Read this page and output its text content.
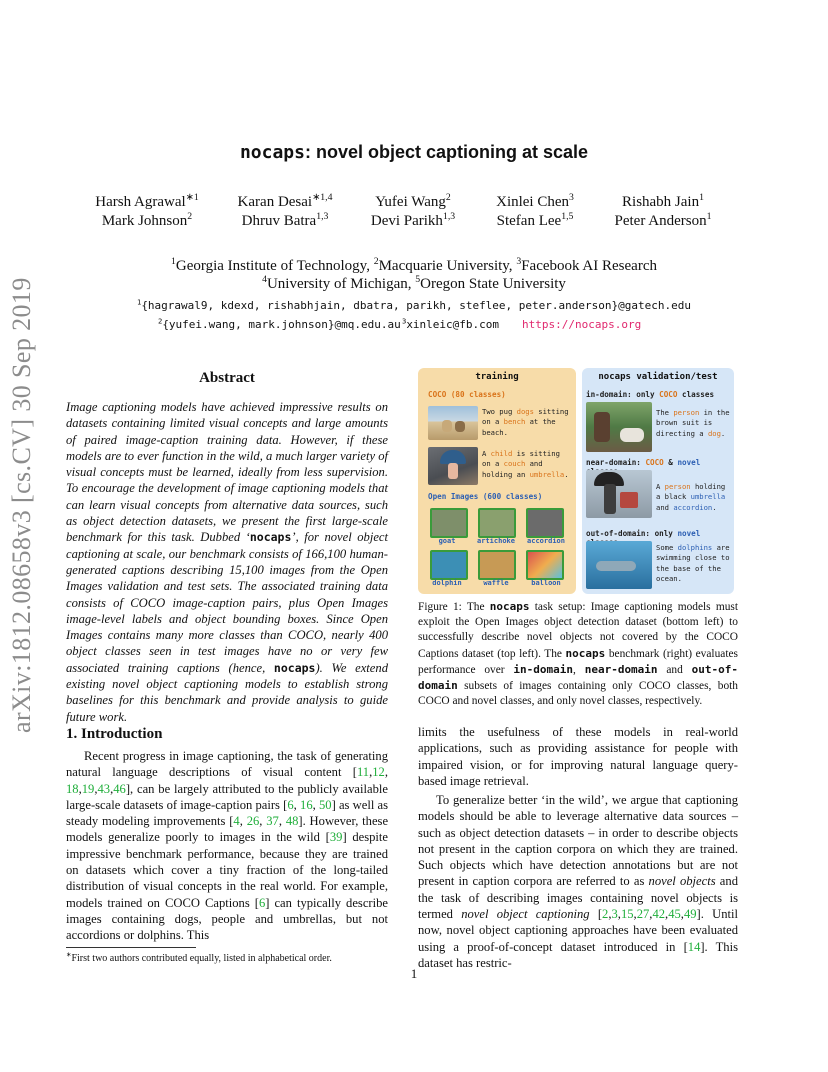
arXiv:1812.08658v3 [cs.CV] 30 Sep 2019
nocaps: novel object captioning at scale
Harsh Agrawal$^{∗1}$	Karan Desai$^{∗1,4}$	Yufei Wang$^2$	Xinlei Chen$^3$	Rishabh Jain$^1$
Mark Johnson$^2$	Dhruv Batra$^{1,3}$	Devi Parikh$^{1,3}$	Stefan Lee$^{1,5}$	Peter Anderson$^1$
$^1$Georgia Institute of Technology, $^2$Macquarie University, $^3$Facebook AI Research
$^4$University of Michigan, $^5$Oregon State University
$^1${hagrawal9, kdexd, rishabhjain, dbatra, parikh, steflee, peter.anderson}@gatech.edu
$^2${yufei.wang, mark.johnson}@mq.edu.au $^3$xinleic@fb.com https://nocaps.org
Abstract
Image captioning models have achieved impressive results on datasets containing limited visual concepts and large amounts of paired image-caption training data. However, if these models are to ever function in the wild, a much larger variety of visual concepts must be learned, ideally from less supervision. To encourage the development of image captioning models that can learn visual concepts from alternative data sources, such as object detection datasets, we present the first large-scale benchmark for this task. Dubbed ‘nocaps’, for novel object captioning at scale, our benchmark consists of 166,100 human-generated captions describing 15,100 images from the Open Images validation and test sets. The associated training data consists of COCO image-caption pairs, plus Open Images image-level labels and object bounding boxes. Since Open Images contains many more classes than COCO, nearly 400 object classes seen in test images have no or very few associated training captions (hence, nocaps). We extend existing novel object captioning models to establish strong baselines for this benchmark and provide analysis to guide future work.
1. Introduction
Recent progress in image captioning, the task of generating natural language descriptions of visual content [11,12, 18,19,43,46], can be largely attributed to the publicly available large-scale datasets of image-caption pairs [6, 16, 50] as well as steady modeling improvements [4, 26, 37, 48]. However, these models generalize poorly to images in the wild [39] despite impressive benchmark performance, because they are trained on datasets which cover a tiny fraction of the long-tailed distribution of visual concepts in the real world. For example, models trained on COCO Captions [6] can typically describe images containing dogs, people and umbrellas, but not accordions or dolphins. This
training
COCO (80 classes)
Two pug dogs sitting on a bench at the beach.
A child is sitting on a couch and holding an umbrella.
Open Images (600 classes)
goat	artichoke	accordion
dolphin	waffle	balloon
nocaps validation/test
in-domain: only COCO classes
The person in the brown suit is directing a dog.
near-domain: COCO & novel
A person holding a black umbrella and accordion.
out-of-domain: only novel
Some dolphins are swimming close to the base of the ocean.
Figure 1: The nocaps task setup: Image captioning models must exploit the Open Images object detection dataset (bottom left) to successfully describe novel objects not covered by the COCO Captions dataset (top left). The nocaps benchmark (right) evaluates performance over in-domain, near-domain and out-of-domain subsets of images containing only COCO classes, both COCO and novel classes, and only novel classes, respectively.
limits the usefulness of these models in real-world applications, such as providing assistance for people with impaired vision, or for improving natural language query-based image retrieval.
To generalize better ‘in the wild’, we argue that captioning models should be able to leverage alternative data sources – such as object detection datasets – in order to describe objects not present in the caption corpora on which they are trained. Such objects which have detection annotations but are not present in caption corpora are referred to as novel objects and the task of describing images containing novel objects is termed novel object captioning [2,3,15,27,42,45,49]. Until now, novel object captioning approaches have been evaluated using a proof-of-concept dataset introduced in [14]. This dataset has restric-
∗First two authors contributed equally, listed in alphabetical order.
1
